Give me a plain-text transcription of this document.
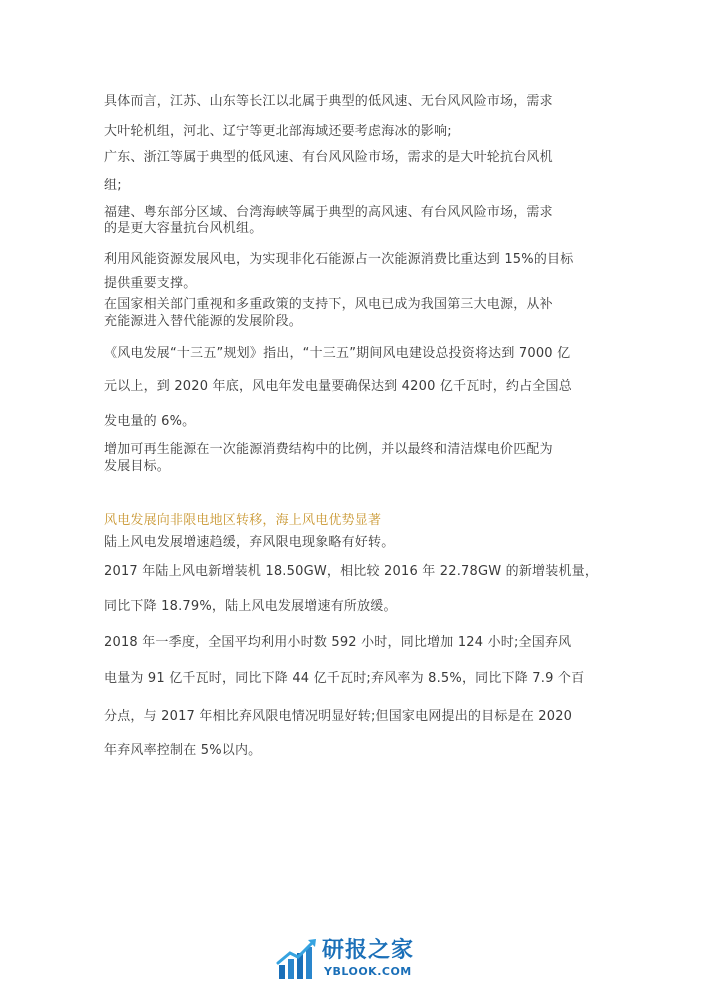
具体而言，江苏、山东等长江以北属于典型的低风速、无台风风险市场，需求

大叶轮机组，河北、辽宁等更北部海域还要考虑海冰的影响;

广东、浙江等属于典型的低风速、有台风风险市场，需求的是大叶轮抗台风机

组;

福建、粤东部分区域、台湾海峡等属于典型的高风速、有台风风险市场，需求

的是更大容量抗台风机组。

利用风能资源发展风电，为实现非化石能源占一次能源消费比重达到 15%的目标

提供重要支撑。

在国家相关部门重视和多重政策的支持下，风电已成为我国第三大电源，从补

充能源进入替代能源的发展阶段。

《风电发展“十三五”规划》指出，“十三五”期间风电建设总投资将达到 7000 亿

元以上，到 2020 年底，风电年发电量要确保达到 4200 亿千瓦时，约占全国总

发电量的 6%。

增加可再生能源在一次能源消费结构中的比例，并以最终和清洁煤电价匹配为

发展目标。

风电发展向非限电地区转移，海上风电优势显著

陆上风电发展增速趋缓，弃风限电现象略有好转。

2017 年陆上风电新增装机 18.50GW，相比较 2016 年 22.78GW 的新增装机量，

同比下降 18.79%，陆上风电发展增速有所放缓。

2018 年一季度，全国平均利用小时数 592 小时，同比增加 124 小时;全国弃风

电量为 91 亿千瓦时，同比下降 44 亿千瓦时;弃风率为 8.5%，同比下降 7.9 个百

分点，与 2017 年相比弃风限电情况明显好转;但国家电网提出的目标是在 2020

年弃风率控制在 5%以内。

研报之家
YBLOOK.COM
